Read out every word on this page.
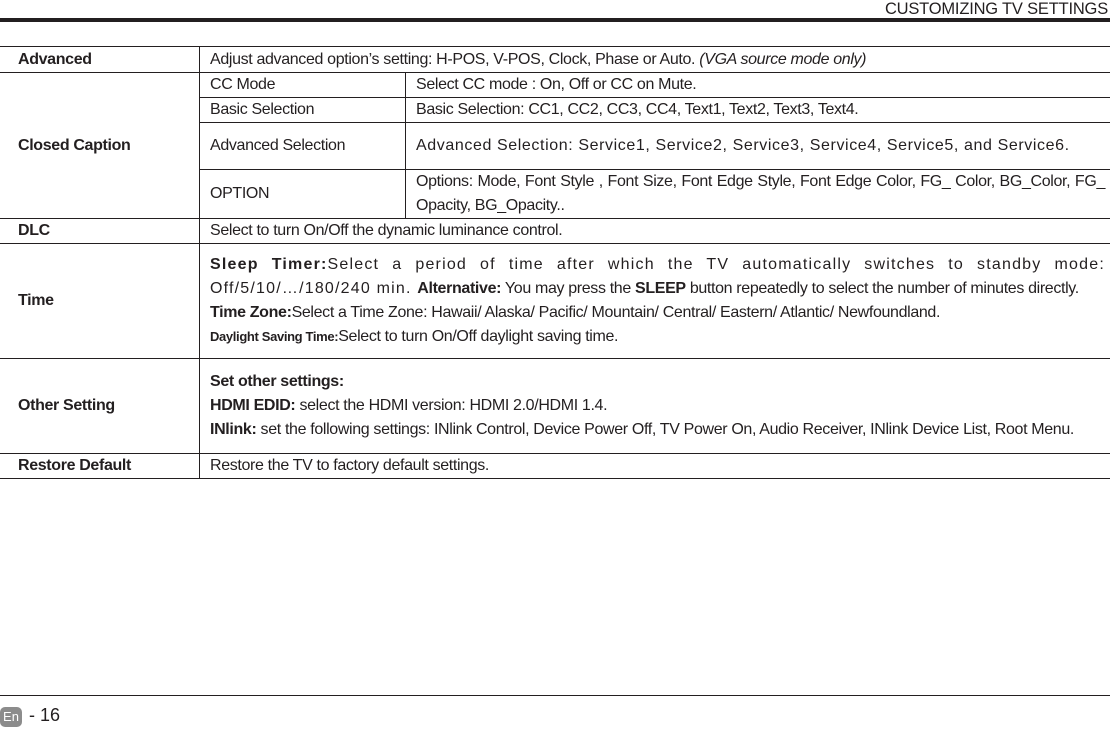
CUSTOMIZING TV SETTINGS
Advanced	Adjust advanced option’s setting: H-POS, V-POS, Clock, Phase or Auto. (VGA source mode only)	
Closed Caption	CC Mode	Select CC mode : On, Off or CC on Mute.
	Basic Selection	Basic Selection: CC1, CC2, CC3, CC4, Text1, Text2, Text3, Text4.
	Advanced Selection	Advanced Selection: Service1, Service2, Service3, Service4, Service5, and Service6.
	OPTION	Options: Mode, Font Style , Font Size, Font Edge Style, Font Edge Color, FG_ Color, BG_Color, FG_ Opacity, BG_Opacity..
DLC	Select to turn On/Off the dynamic luminance control.	
Time	Sleep Timer:Select a period of time after which the TV automatically switches to standby mode: Off/5/10/…/180/240 min. Alternative: You may press the SLEEP button repeatedly to select the number of minutes directly.
Time Zone:Select a Time Zone: Hawaii/ Alaska/ Pacific/ Mountain/ Central/ Eastern/ Atlantic/ Newfoundland.
Daylight Saving Time:Select to turn On/Off daylight saving time.	

Other Setting	Set other settings:
HDMI EDID: select the HDMI version: HDMI 2.0/HDMI 1.4.
INlink: set the following settings: INlink Control, Device Power Off, TV Power On, Audio Receiver, INlink Device List, Root Menu.	

Restore Default	Restore the TV to factory default settings.	
En - 16
